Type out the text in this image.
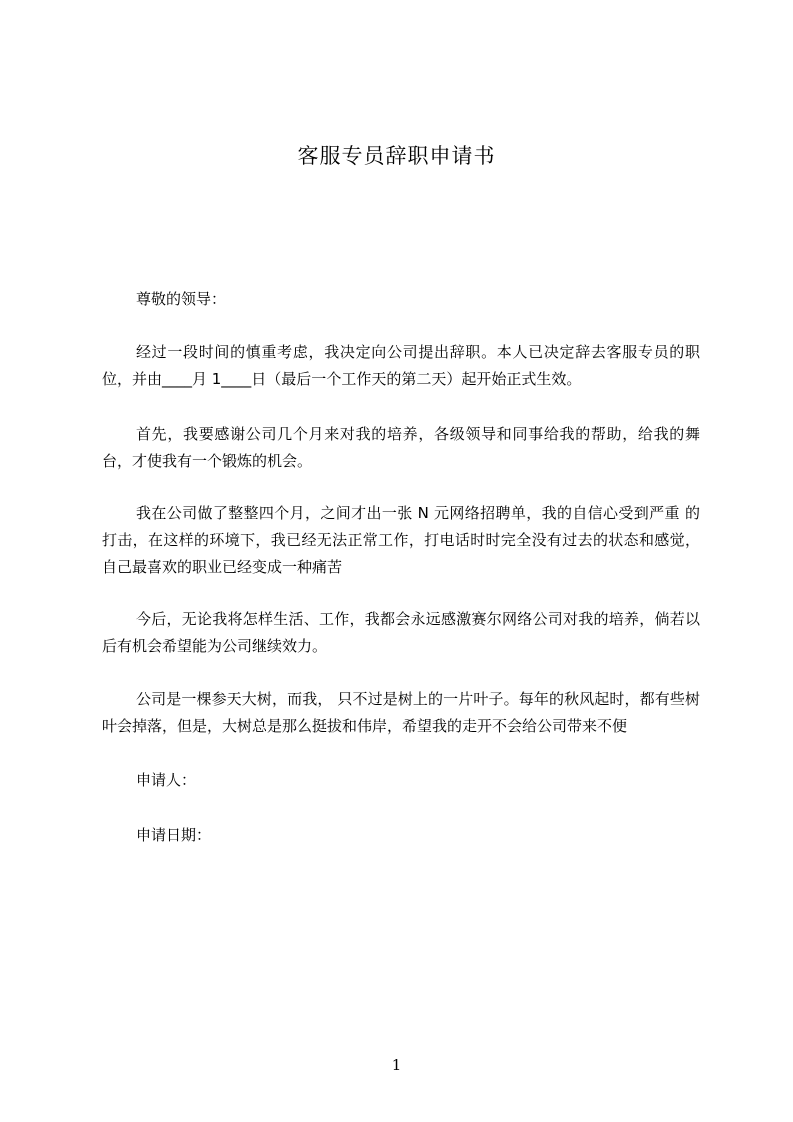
客服专员辞职申请书
尊敬的领导：
经过一段时间的慎重考虑，我决定向公司提出辞职。本人已决定辞去客服专员的职位，并由____月 1____日（最后一个工作天的第二天）起开始正式生效。
首先，我要感谢公司几个月来对我的培养，各级领导和同事给我的帮助，给我的舞台，才使我有一个锻炼的机会。
我在公司做了整整四个月，之间才出一张 N 元网络招聘单，我的自信心受到严重 的打击，在这样的环境下，我已经无法正常工作，打电话时时完全没有过去的状态和感觉，自己最喜欢的职业已经变成一种痛苦
今后，无论我将怎样生活、工作，我都会永远感激赛尔网络公司对我的培养，倘若以后有机会希望能为公司继续效力。
公司是一棵参天大树，而我， 只不过是树上的一片叶子。每年的秋风起时，都有些树叶会掉落，但是，大树总是那么挺拔和伟岸，希望我的走开不会给公司带来不便
申请人：
申请日期：
1
